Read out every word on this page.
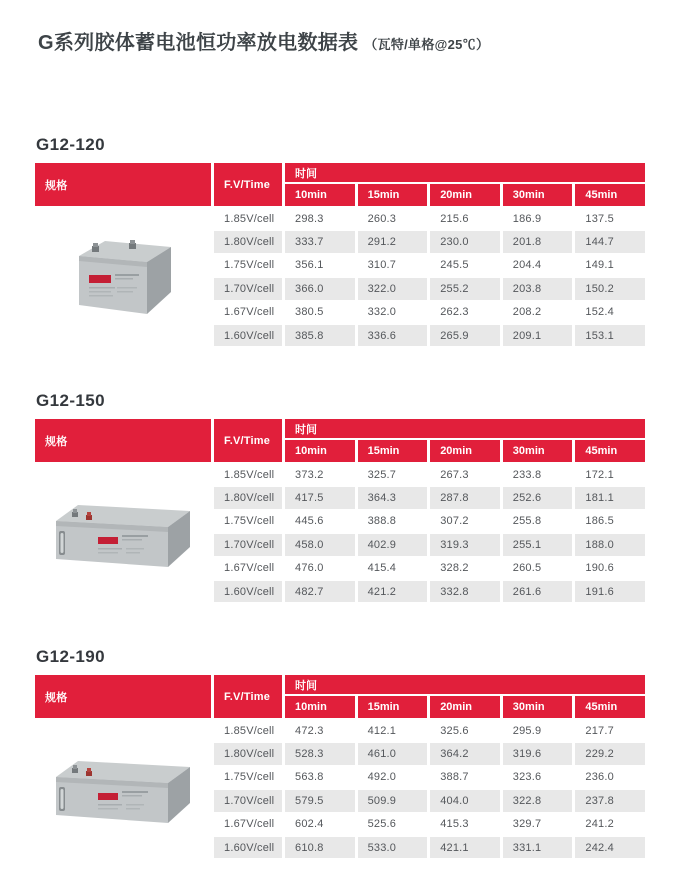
G系列胶体蓄电池恒功率放电数据表 （瓦特/单格@25℃）
G12-120
规格	F.V/Time
时间
10min	15min	20min	30min	45min
1.85V/cell	298.3	260.3	215.6	186.9	137.5
1.80V/cell	333.7	291.2	230.0	201.8	144.7
1.75V/cell	356.1	310.7	245.5	204.4	149.1
1.70V/cell	366.0	322.0	255.2	203.8	150.2
1.67V/cell	380.5	332.0	262.3	208.2	152.4
1.60V/cell	385.8	336.6	265.9	209.1	153.1
G12-150
规格	F.V/Time
时间
10min	15min	20min	30min	45min
1.85V/cell	373.2	325.7	267.3	233.8	172.1
1.80V/cell	417.5	364.3	287.8	252.6	181.1
1.75V/cell	445.6	388.8	307.2	255.8	186.5
1.70V/cell	458.0	402.9	319.3	255.1	188.0
1.67V/cell	476.0	415.4	328.2	260.5	190.6
1.60V/cell	482.7	421.2	332.8	261.6	191.6
G12-190
规格	F.V/Time
时间
10min	15min	20min	30min	45min
1.85V/cell	472.3	412.1	325.6	295.9	217.7
1.80V/cell	528.3	461.0	364.2	319.6	229.2
1.75V/cell	563.8	492.0	388.7	323.6	236.0
1.70V/cell	579.5	509.9	404.0	322.8	237.8
1.67V/cell	602.4	525.6	415.3	329.7	241.2
1.60V/cell	610.8	533.0	421.1	331.1	242.4
